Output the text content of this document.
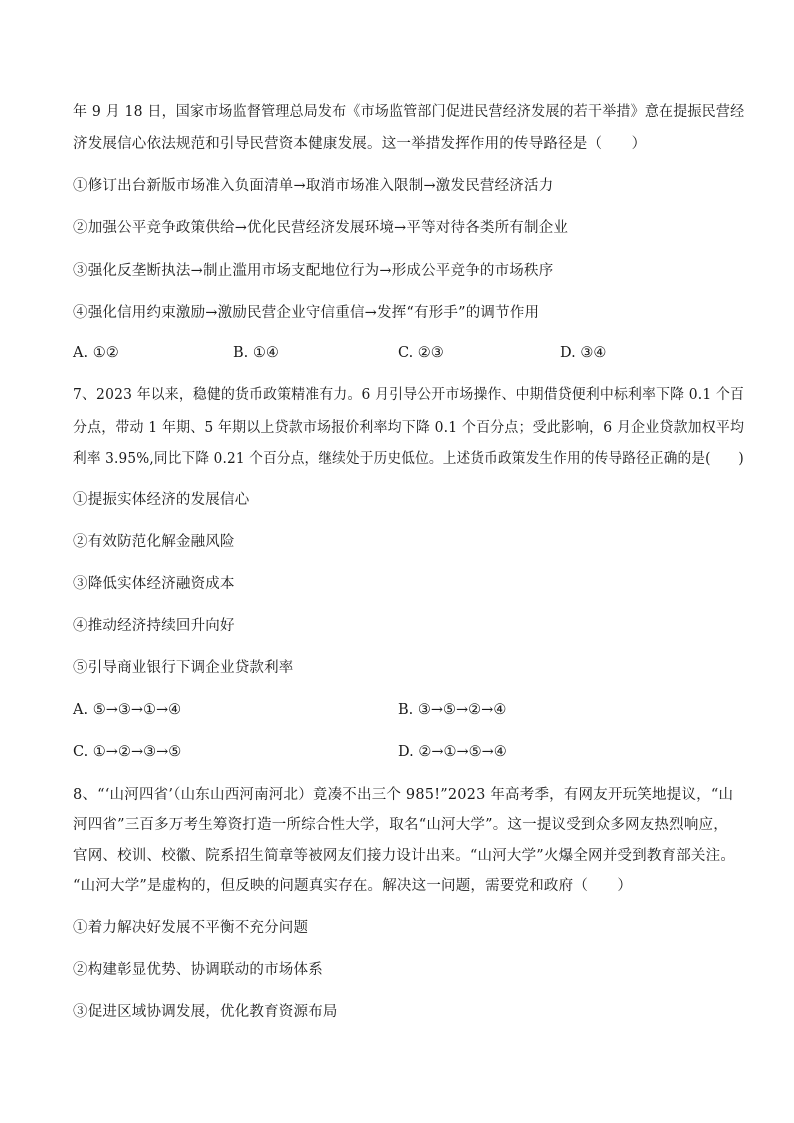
年 9 月 18 日，国家市场监督管理总局发布《市场监管部门促进民营经济发展的若干举措》意在提振民营经
济发展信心依法规范和引导民营资本健康发展。这一举措发挥作用的传导路径是（　　）
①修订出台新版市场准入负面清单→取消市场准入限制→激发民营经济活力
②加强公平竞争政策供给→优化民营经济发展环境→平等对待各类所有制企业
③强化反垄断执法→制止滥用市场支配地位行为→形成公平竞争的市场秩序
④强化信用约束激励→激励民营企业守信重信→发挥“有形手”的调节作用
A. ①②	B. ①④	C. ②③	D. ③④
7、2023 年以来，稳健的货币政策精准有力。6 月引导公开市场操作、中期借贷便利中标利率下降 0.1 个百
分点，带动 1 年期、5 年期以上贷款市场报价利率均下降 0.1 个百分点；受此影响，6 月企业贷款加权平均
利率 3.95%,同比下降 0.21 个百分点，继续处于历史低位。上述货币政策发生作用的传导路径正确的是(　　)
①提振实体经济的发展信心
②有效防范化解金融风险
③降低实体经济融资成本
④推动经济持续回升向好
⑤引导商业银行下调企业贷款利率
A. ⑤→③→①→④	B. ③→⑤→②→④
C. ①→②→③→⑤	D. ②→①→⑤→④
8、“‘山河四省’（山东山西河南河北）竟凑不出三个 985!”2023 年高考季，有网友开玩笑地提议，“山
河四省”三百多万考生筹资打造一所综合性大学，取名“山河大学”。这一提议受到众多网友热烈响应，
官网、校训、校徽、院系招生简章等被网友们接力设计出来。“山河大学”火爆全网并受到教育部关注。
“山河大学”是虚构的，但反映的问题真实存在。解决这一问题，需要党和政府（　　）
①着力解决好发展不平衡不充分问题
②构建彰显优势、协调联动的市场体系
③促进区域协调发展，优化教育资源布局
